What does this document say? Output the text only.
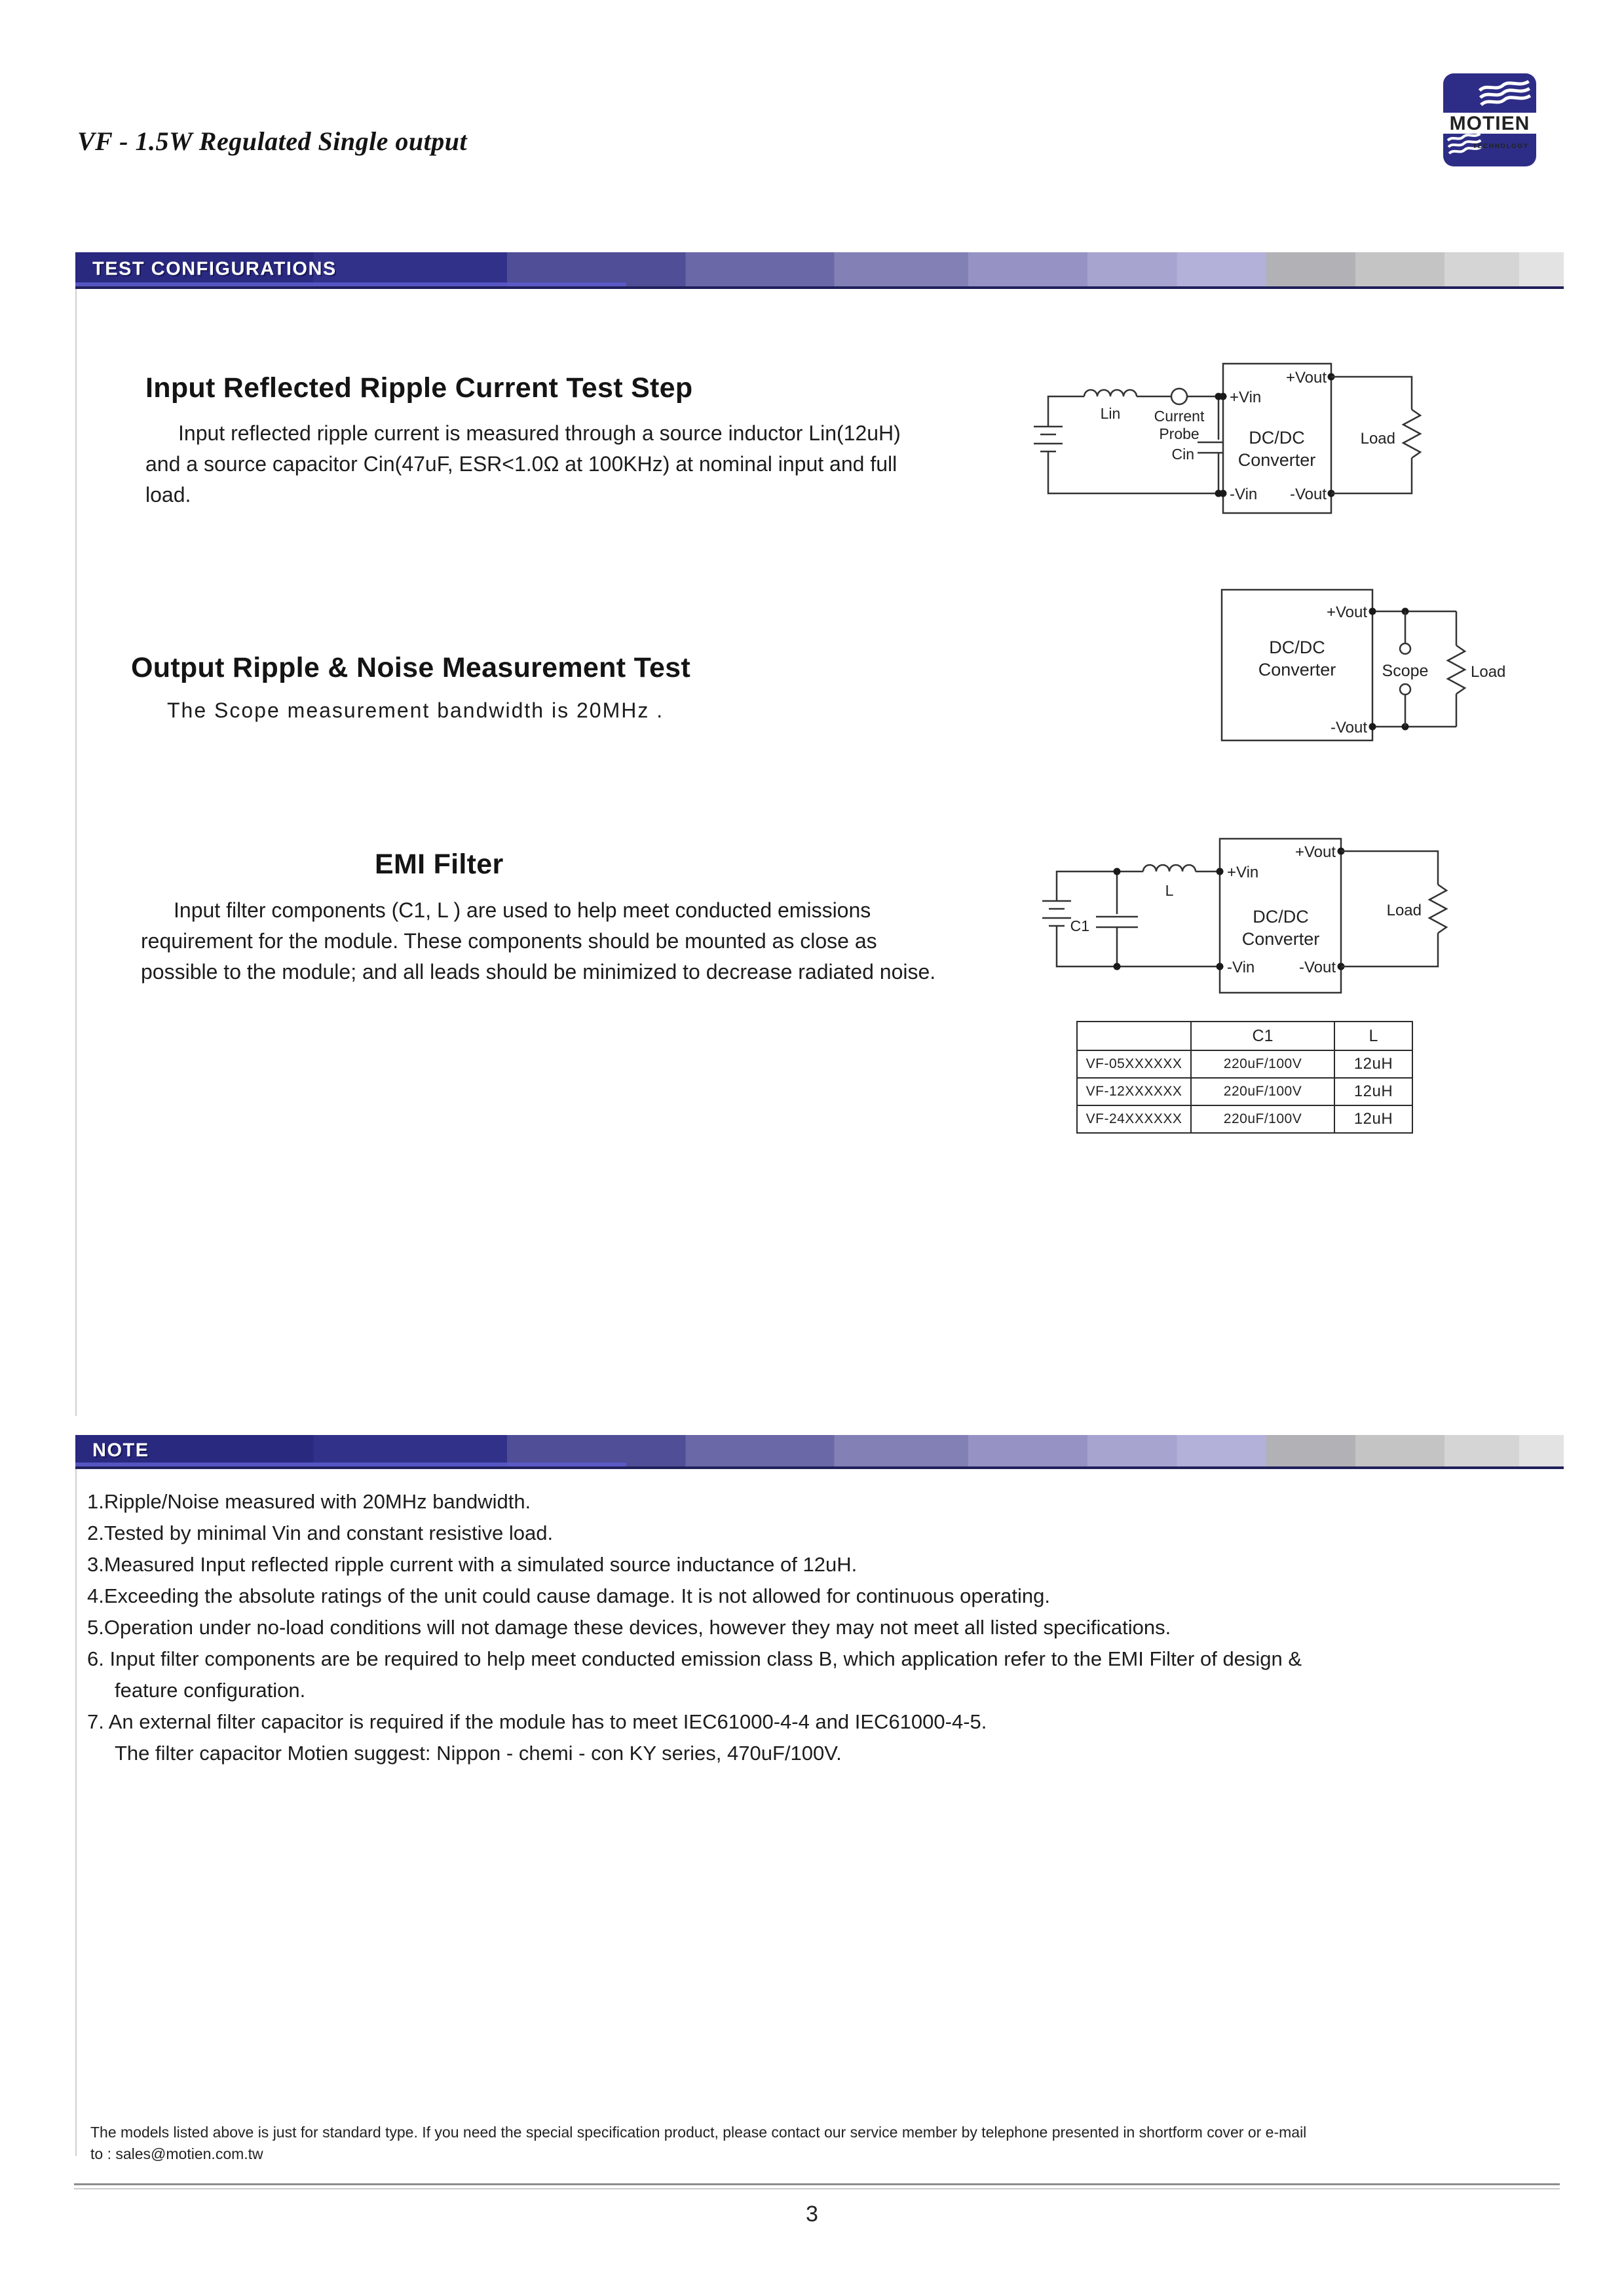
VF - 1.5W Regulated Single output
MOTIEN
TECHNOLOGY
TEST CONFIGURATIONS
Input Reflected Ripple Current Test Step
Input reflected ripple current is measured through a source inductor Lin(12uH) and a source capacitor Cin(47uF, ESR<1.0Ω at 100KHz) at nominal input and full load.
Lin Current
Probe
Cin
+Vin
-Vin
+Vout
-Vout
DC/DC
Converter
Load
Output Ripple & Noise Measurement Test
The Scope measurement bandwidth is 20MHz .
+Vout
-Vout
DC/DC
Converter	Scope	Load
EMI Filter
Input filter components (C1, L ) are used to help meet conducted emissions requirement for the module. These components should be mounted as close as possible to the module; and all leads should be minimized to decrease radiated noise.
L
C1
+Vin
-Vin
+Vout
-Vout
DC/DC
Converter
Load
	C1	L
VF-05XXXXXX	220uF/100V	12uH
VF-12XXXXXX	220uF/100V	12uH
VF-24XXXXXX	220uF/100V	12uH
NOTE
1.Ripple/Noise measured with 20MHz bandwidth.
2.Tested by minimal Vin and constant resistive load.
3.Measured Input reflected ripple current with a simulated source inductance of 12uH.
4.Exceeding the absolute ratings of the unit could cause damage. It is not allowed for continuous operating.
5.Operation under no-load conditions will not damage these devices, however they may not meet all listed specifications.
6. Input filter components are be required to help meet conducted emission class B, which application refer to the EMI Filter of design &
feature configuration.
7. An external filter capacitor is required if the module has to meet IEC61000-4-4 and IEC61000-4-5.
The filter capacitor Motien suggest: Nippon - chemi - con KY series, 470uF/100V.
The models listed above is just for standard type. If you need the special specification product, please contact our service member by telephone presented in shortform cover or e-mail
to : sales@motien.com.tw
3
